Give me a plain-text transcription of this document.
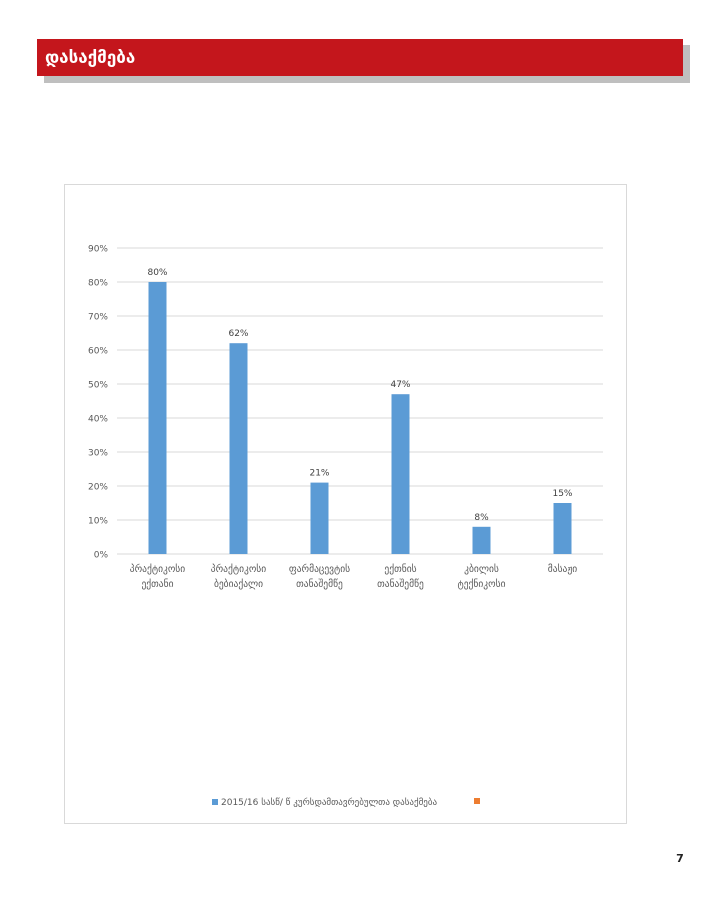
დასაქმება
0%
10%
20%
30%
40%
50%
60%
70%
80%
90%
80%
62%
21%
47%
8%
15%
პრაქტიკოსი
ექთანი
პრაქტიკოსი
ბებიაქალი
ფარმაცევტის
თანაშემწე
ექთნის
თანაშემწე
კბილის
ტექნიკოსი
მასაჟი
2015/16 სასწ/ წ კურსდამთავრებულთა დასაქმება
7
